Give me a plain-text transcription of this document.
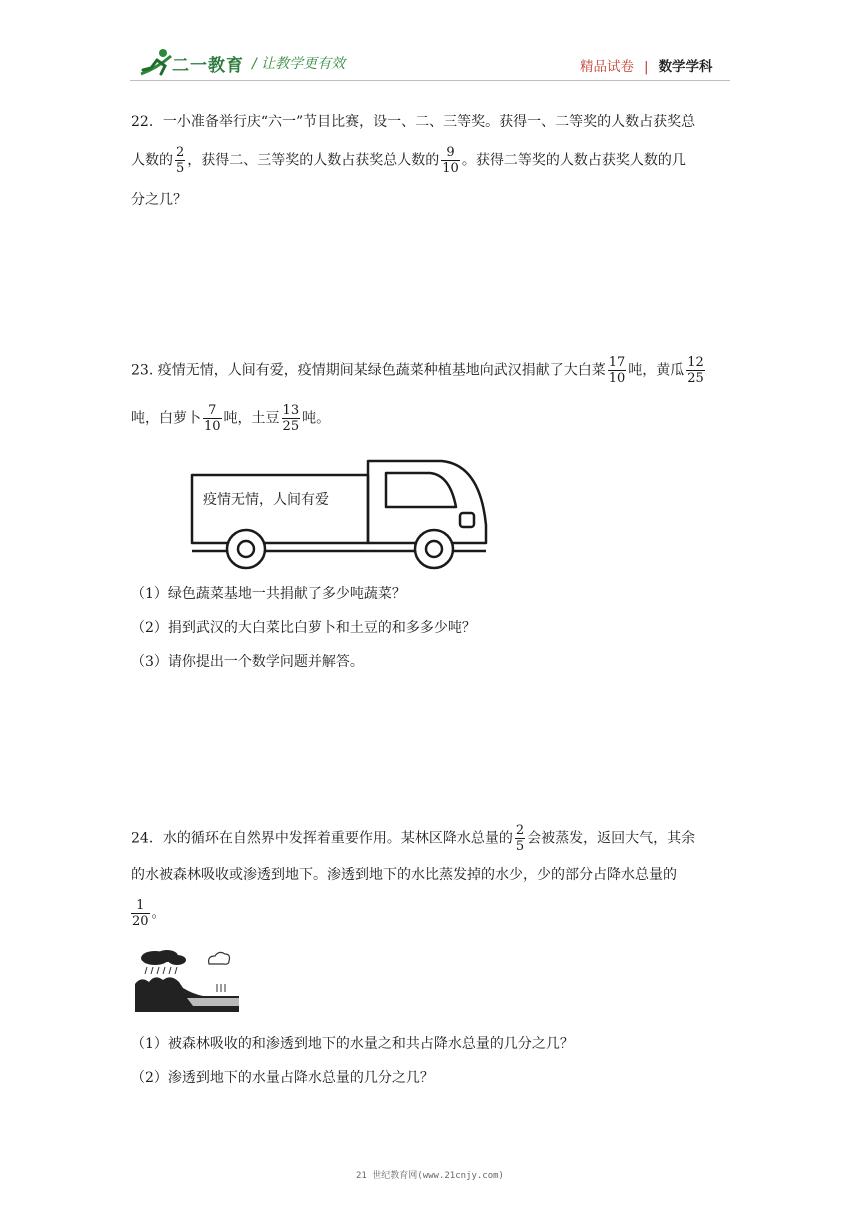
二一教育 / 让教学更有效	精品试卷 | 数学学科
22．一小准备举行庆“六一”节目比赛，设一、二、三等奖。获得一、二等奖的人数占获奖总
人数的 $\frac{2}{5}$ ，获得二、三等奖的人数占获奖总人数的 $\frac{9}{10}$ 。获得二等奖的人数占获奖人数的几
分之几？
23. 疫情无情，人间有爱，疫情期间某绿色蔬菜种植基地向武汉捐献了大白菜 $\frac{17}{10}$ 吨，黄瓜 $\frac{12}{25}$
吨，白萝卜 $\frac{7}{10}$ 吨，土豆 $\frac{13}{25}$ 吨。
疫情无情，人间有爱
（1）绿色蔬菜基地一共捐献了多少吨蔬菜？
（2）捐到武汉的大白菜比白萝卜和土豆的和多多少吨？
（3）请你提出一个数学问题并解答。
24．水的循环在自然界中发挥着重要作用。某林区降水总量的 $\frac{2}{5}$ 会被蒸发，返回大气，其余
的水被森林吸收或渗透到地下。渗透到地下的水比蒸发掉的水少，少的部分占降水总量的
$\frac{1}{20}$ 。
（1）被森林吸收的和渗透到地下的水量之和共占降水总量的几分之几？
（2）渗透到地下的水量占降水总量的几分之几？
21 世纪教育网(www.21cnjy.com)
